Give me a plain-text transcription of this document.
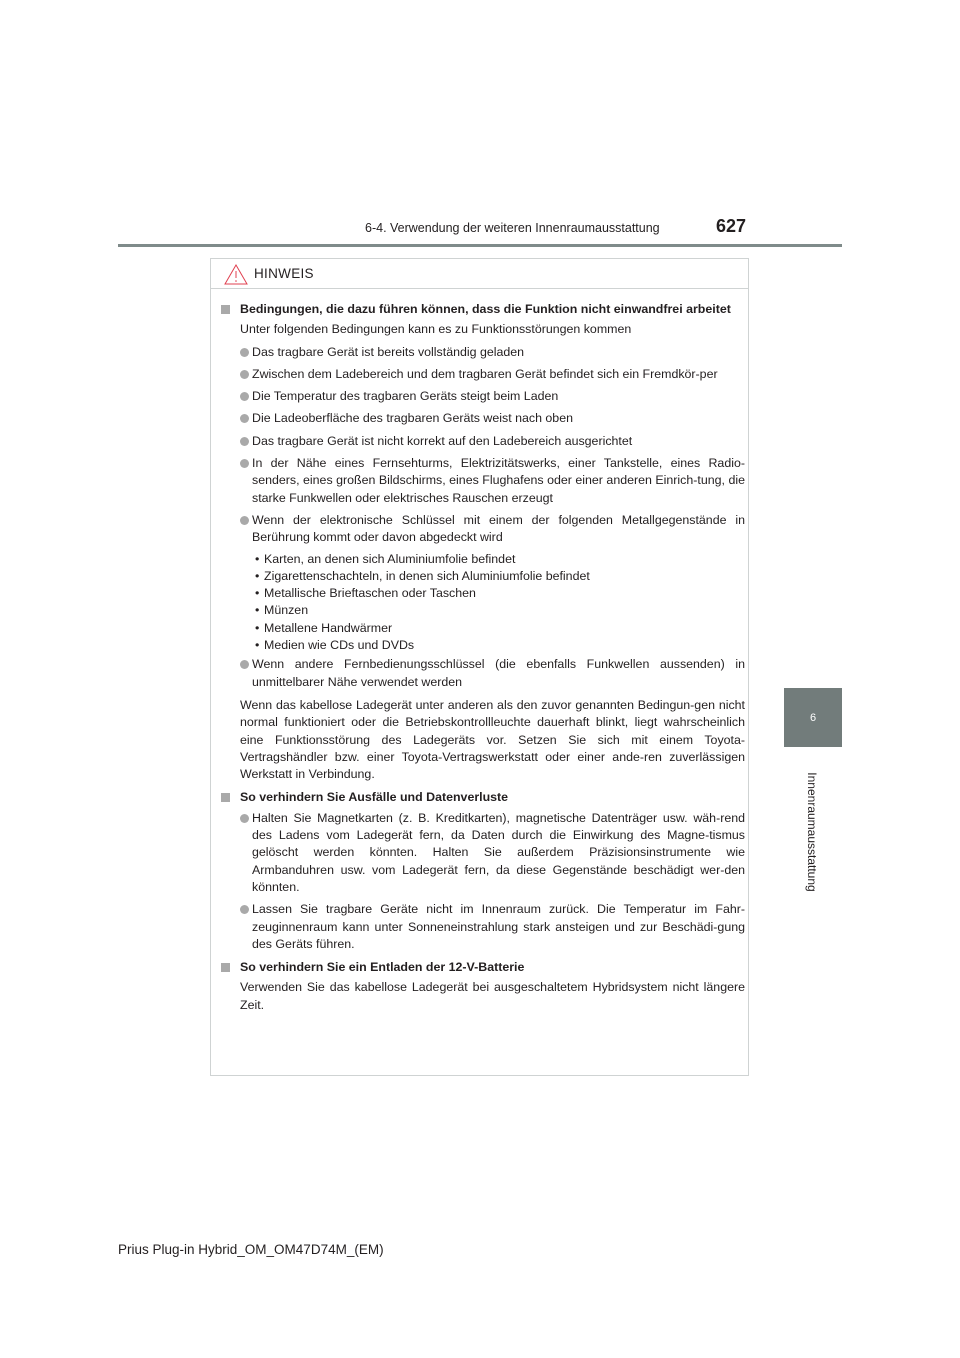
6-4. Verwendung der weiteren Innenraumausstattung	627
6
Innenraumausstattung
HINWEIS
Bedingungen, die dazu führen können, dass die Funktion nicht einwandfrei arbeitet
Unter folgenden Bedingungen kann es zu Funktionsstörungen kommen
Das tragbare Gerät ist bereits vollständig geladen
Zwischen dem Ladebereich und dem tragbaren Gerät befindet sich ein Fremdkör-per
Die Temperatur des tragbaren Geräts steigt beim Laden
Die Ladeoberfläche des tragbaren Geräts weist nach oben
Das tragbare Gerät ist nicht korrekt auf den Ladebereich ausgerichtet
In der Nähe eines Fernsehturms, Elektrizitätswerks, einer Tankstelle, eines Radio-senders, eines großen Bildschirms, eines Flughafens oder einer anderen Einrich-tung, die starke Funkwellen oder elektrisches Rauschen erzeugt
Wenn der elektronische Schlüssel mit einem der folgenden Metallgegenstände in Berührung kommt oder davon abgedeckt wird
• Karten, an denen sich Aluminiumfolie befindet
• Zigarettenschachteln, in denen sich Aluminiumfolie befindet
• Metallische Brieftaschen oder Taschen
• Münzen
• Metallene Handwärmer
• Medien wie CDs und DVDs
Wenn andere Fernbedienungsschlüssel (die ebenfalls Funkwellen aussenden) in unmittelbarer Nähe verwendet werden
Wenn das kabellose Ladegerät unter anderen als den zuvor genannten Bedingun-gen nicht normal funktioniert oder die Betriebskontrollleuchte dauerhaft blinkt, liegt wahrscheinlich eine Funktionsstörung des Ladegeräts vor. Setzen Sie sich mit einem Toyota-Vertragshändler bzw. einer Toyota-Vertragswerkstatt oder einer ande-ren zuverlässigen Werkstatt in Verbindung.
So verhindern Sie Ausfälle und Datenverluste
Halten Sie Magnetkarten (z. B. Kreditkarten), magnetische Datenträger usw. wäh-rend des Ladens vom Ladegerät fern, da Daten durch die Einwirkung des Magne-tismus gelöscht werden könnten. Halten Sie außerdem Präzisionsinstrumente wie Armbanduhren usw. vom Ladegerät fern, da diese Gegenstände beschädigt wer-den könnten.
Lassen Sie tragbare Geräte nicht im Innenraum zurück. Die Temperatur im Fahr-zeuginnenraum kann unter Sonneneinstrahlung stark ansteigen und zur Beschädi-gung des Geräts führen.
So verhindern Sie ein Entladen der 12-V-Batterie
Verwenden Sie das kabellose Ladegerät bei ausgeschaltetem Hybridsystem nicht längere Zeit.
Prius Plug-in Hybrid_OM_OM47D74M_(EM)
